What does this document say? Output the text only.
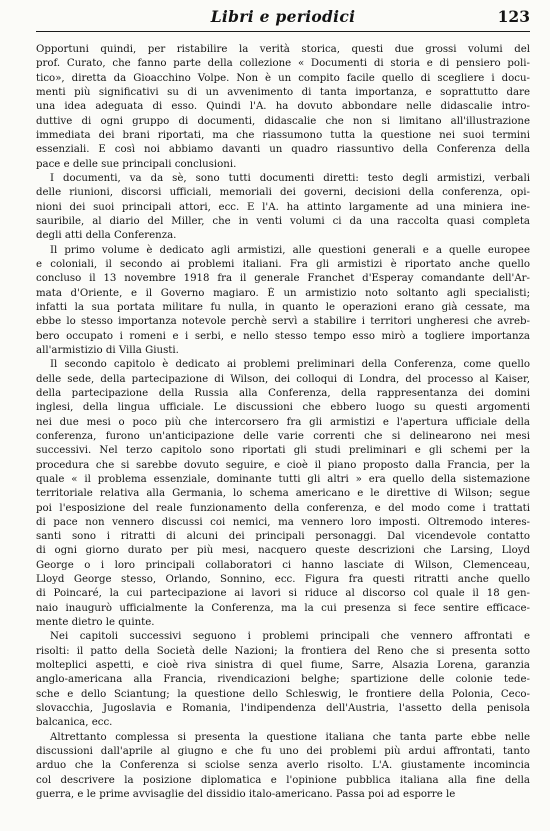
Libri e periodici	123
Opportuni quindi, per ristabilire la verità storica, questi due grossi volumi del
prof. Curato, che fanno parte della collezione « Documenti di storia e di pensiero poli-
tico», diretta da Gioacchino Volpe. Non è un compito facile quello di scegliere i docu-
menti più significativi su di un avvenimento di tanta importanza, e soprattutto dare
una idea adeguata di esso. Quindi l'A. ha dovuto abbondare nelle didascalie intro-
duttive di ogni gruppo di documenti, didascalie che non si limitano all'illustrazione
immediata dei brani riportati, ma che riassumono tutta la questione nei suoi termini
essenziali. E così noi abbiamo davanti un quadro riassuntivo della Conferenza della
pace e delle sue principali conclusioni.
I documenti, va da sè, sono tutti documenti diretti: testo degli armistizi, verbali
delle riunioni, discorsi ufficiali, memoriali dei governi, decisioni della conferenza, opi-
nioni dei suoi principali attori, ecc. E l'A. ha attinto largamente ad una miniera ine-
sauribile, al diario del Miller, che in venti volumi ci da una raccolta quasi completa
degli atti della Conferenza.
Il primo volume è dedicato agli armistizi, alle questioni generali e a quelle europee
e coloniali, il secondo ai problemi italiani. Fra gli armistizi è riportato anche quello
concluso il 13 novembre 1918 fra il generale Franchet d'Esperay comandante dell'Ar-
mata d'Oriente, e il Governo magiaro. È un armistizio noto soltanto agli specialisti;
infatti la sua portata militare fu nulla, in quanto le operazioni erano già cessate, ma
ebbe lo stesso importanza notevole perchè servì a stabilire i territori ungheresi che avreb-
bero occupato i romeni e i serbi, e nello stesso tempo esso mirò a togliere importanza
all'armistizio di Villa Giusti.
Il secondo capitolo è dedicato ai problemi preliminari della Conferenza, come quello
delle sede, della partecipazione di Wilson, dei colloqui di Londra, del processo al Kaiser,
della partecipazione della Russia alla Conferenza, della rappresentanza dei domini
inglesi, della lingua ufficiale. Le discussioni che ebbero luogo su questi argomenti
nei due mesi o poco più che intercorsero fra gli armistizi e l'apertura ufficiale della
conferenza, furono un'anticipazione delle varie correnti che si delinearono nei mesi
successivi. Nel terzo capitolo sono riportati gli studi preliminari e gli schemi per la
procedura che si sarebbe dovuto seguire, e cioè il piano proposto dalla Francia, per la
quale « il problema essenziale, dominante tutti gli altri » era quello della sistemazione
territoriale relativa alla Germania, lo schema americano e le direttive di Wilson; segue
poi l'esposizione del reale funzionamento della conferenza, e del modo come i trattati
di pace non vennero discussi coi nemici, ma vennero loro imposti. Oltremodo interes-
santi sono i ritratti di alcuni dei principali personaggi. Dal vicendevole contatto
di ogni giorno durato per più mesi, nacquero queste descrizioni che Larsing, Lloyd
George o i loro principali collaboratori ci hanno lasciate di Wilson, Clemenceau,
Lloyd George stesso, Orlando, Sonnino, ecc. Figura fra questi ritratti anche quello
di Poincaré, la cui partecipazione ai lavori si riduce al discorso col quale il 18 gen-
naio inaugurò ufficialmente la Conferenza, ma la cui presenza si fece sentire efficace-
mente dietro le quinte.
Nei capitoli successivi seguono i problemi principali che vennero affrontati e
risolti: il patto della Società delle Nazioni; la frontiera del Reno che si presenta sotto
molteplici aspetti, e cioè riva sinistra di quel fiume, Sarre, Alsazia Lorena, garanzia
anglo-americana alla Francia, rivendicazioni belghe; spartizione delle colonie tede-
sche e dello Sciantung; la questione dello Schleswig, le frontiere della Polonia, Ceco-
slovacchia, Jugoslavia e Romania, l'indipendenza dell'Austria, l'assetto della penisola
balcanica, ecc.
Altrettanto complessa si presenta la questione italiana che tanta parte ebbe nelle
discussioni dall'aprile al giugno e che fu uno dei problemi più ardui affrontati, tanto
arduo che la Conferenza si sciolse senza averlo risolto. L'A. giustamente incomincia
col descrivere la posizione diplomatica e l'opinione pubblica italiana alla fine della
guerra, e le prime avvisaglie del dissidio italo-americano. Passa poi ad esporre le
